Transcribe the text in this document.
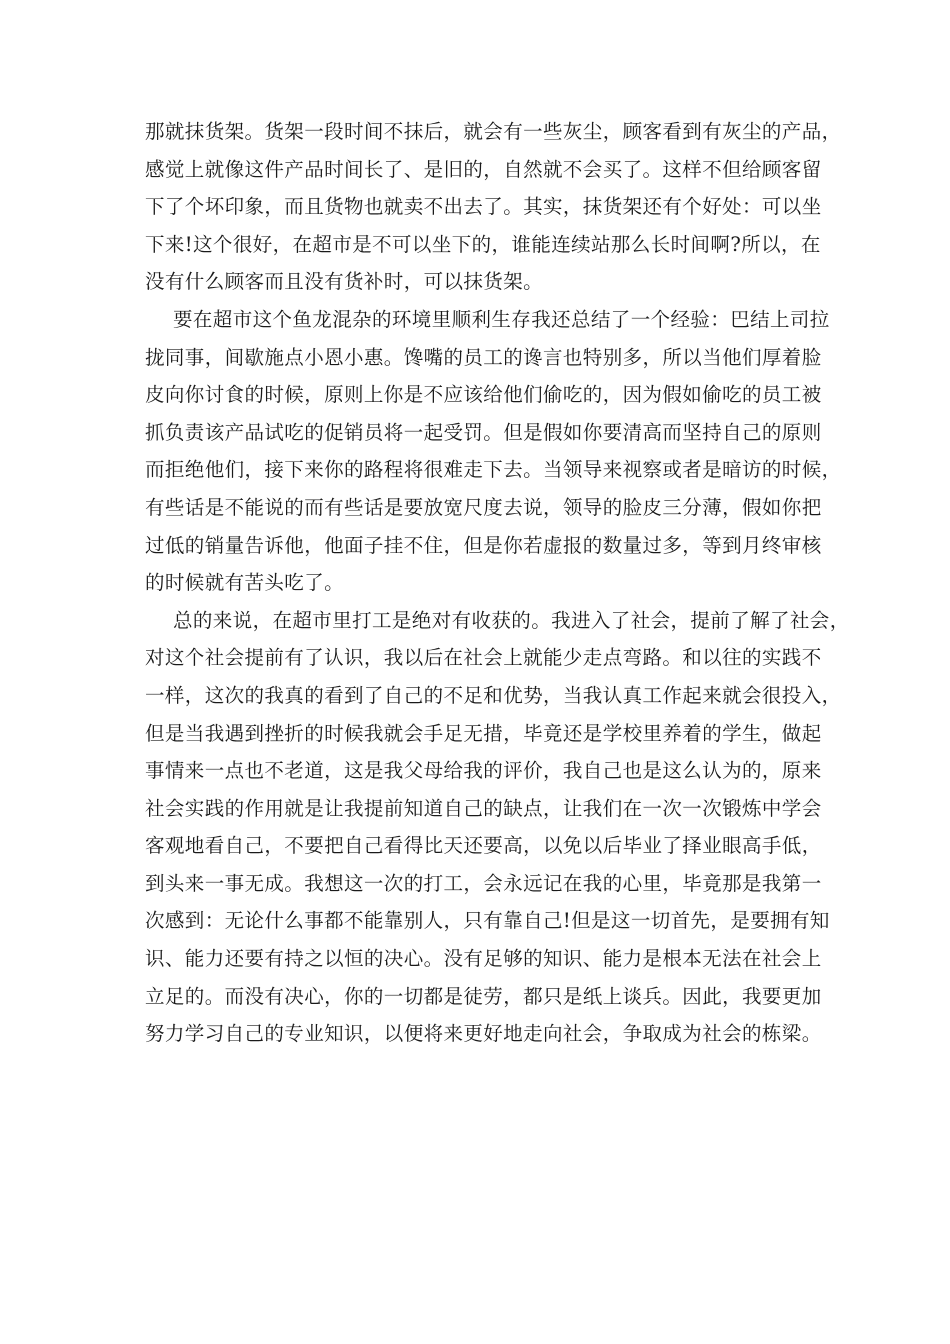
那就抹货架。货架一段时间不抹后，就会有一些灰尘，顾客看到有灰尘的产品，
感觉上就像这件产品时间长了、是旧的，自然就不会买了。这样不但给顾客留
下了个坏印象，而且货物也就卖不出去了。其实，抹货架还有个好处：可以坐
下来!这个很好，在超市是不可以坐下的，谁能连续站那么长时间啊?所以，在
没有什么顾客而且没有货补时，可以抹货架。
要在超市这个鱼龙混杂的环境里顺利生存我还总结了一个经验：巴结上司拉
拢同事，间歇施点小恩小惠。馋嘴的员工的谗言也特别多，所以当他们厚着脸
皮向你讨食的时候，原则上你是不应该给他们偷吃的，因为假如偷吃的员工被
抓负责该产品试吃的促销员将一起受罚。但是假如你要清高而坚持自己的原则
而拒绝他们，接下来你的路程将很难走下去。当领导来视察或者是暗访的时候，
有些话是不能说的而有些话是要放宽尺度去说，领导的脸皮三分薄，假如你把
过低的销量告诉他，他面子挂不住，但是你若虚报的数量过多，等到月终审核
的时候就有苦头吃了。
总的来说，在超市里打工是绝对有收获的。我进入了社会，提前了解了社会，
对这个社会提前有了认识，我以后在社会上就能少走点弯路。和以往的实践不
一样，这次的我真的看到了自己的不足和优势，当我认真工作起来就会很投入，
但是当我遇到挫折的时候我就会手足无措，毕竟还是学校里养着的学生，做起
事情来一点也不老道，这是我父母给我的评价，我自己也是这么认为的，原来
社会实践的作用就是让我提前知道自己的缺点，让我们在一次一次锻炼中学会
客观地看自己，不要把自己看得比天还要高，以免以后毕业了择业眼高手低，
到头来一事无成。我想这一次的打工，会永远记在我的心里，毕竟那是我第一
次感到：无论什么事都不能靠别人，只有靠自己!但是这一切首先，是要拥有知
识、能力还要有持之以恒的决心。没有足够的知识、能力是根本无法在社会上
立足的。而没有决心，你的一切都是徒劳，都只是纸上谈兵。因此，我要更加
努力学习自己的专业知识，以便将来更好地走向社会，争取成为社会的栋梁。
